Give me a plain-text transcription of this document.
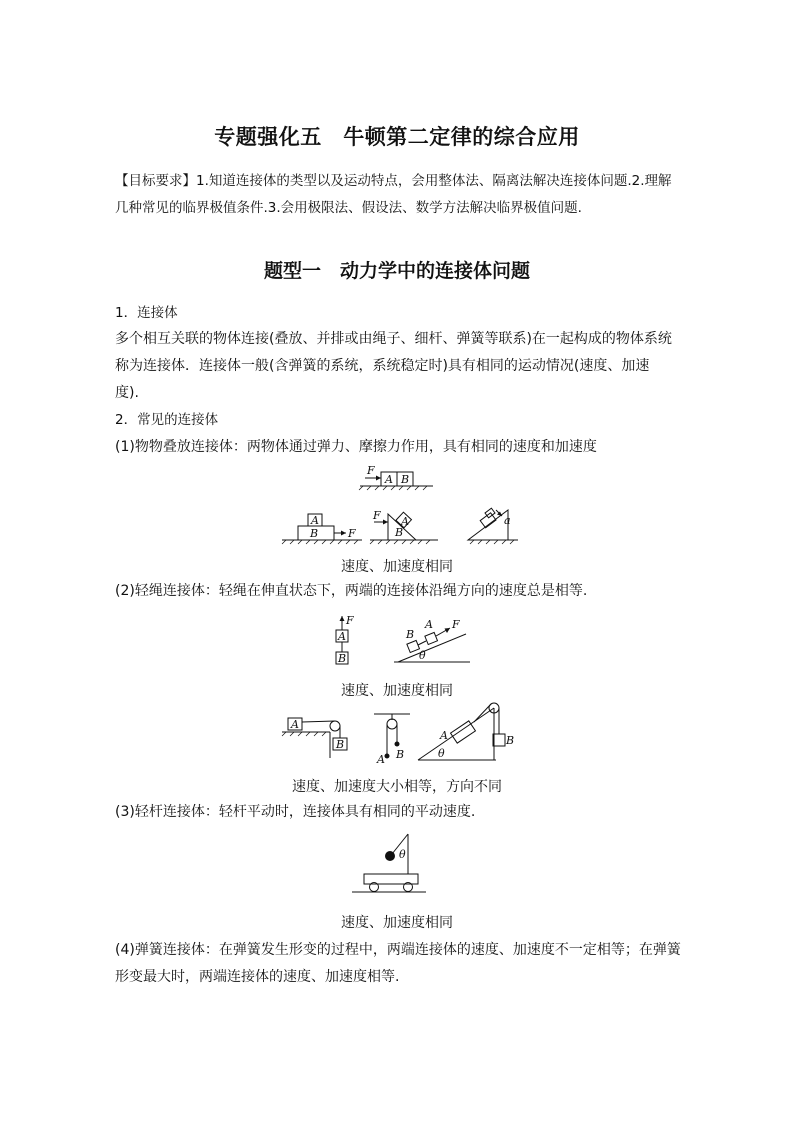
专题强化五　牛顿第二定律的综合应用
【目标要求】1.知道连接体的类型以及运动特点，会用整体法、隔离法解决连接体问题.2.理解
几种常见的临界极值条件.3.会用极限法、假设法、数学方法解决临界极值问题.
题型一　动力学中的连接体问题
1．连接体
多个相互关联的物体连接(叠放、并排或由绳子、细杆、弹簧等联系)在一起构成的物体系统
称为连接体．连接体一般(含弹簧的系统，系统稳定时)具有相同的运动情况(速度、加速
度).
2．常见的连接体
(1)物物叠放连接体：两物体通过弹力、摩擦力作用，具有相同的速度和加速度
F
A B
A
B	F
F A
B
a
速度、加速度相同
(2)轻绳连接体：轻绳在伸直状态下，两端的连接体沿绳方向的速度总是相等.
F
A
B
B
A F
θ
速度、加速度相同
A
B
A B
A	B
θ
速度、加速度大小相等，方向不同
(3)轻杆连接体：轻杆平动时，连接体具有相同的平动速度.
θ
速度、加速度相同
(4)弹簧连接体：在弹簧发生形变的过程中，两端连接体的速度、加速度不一定相等；在弹簧
形变最大时，两端连接体的速度、加速度相等.
